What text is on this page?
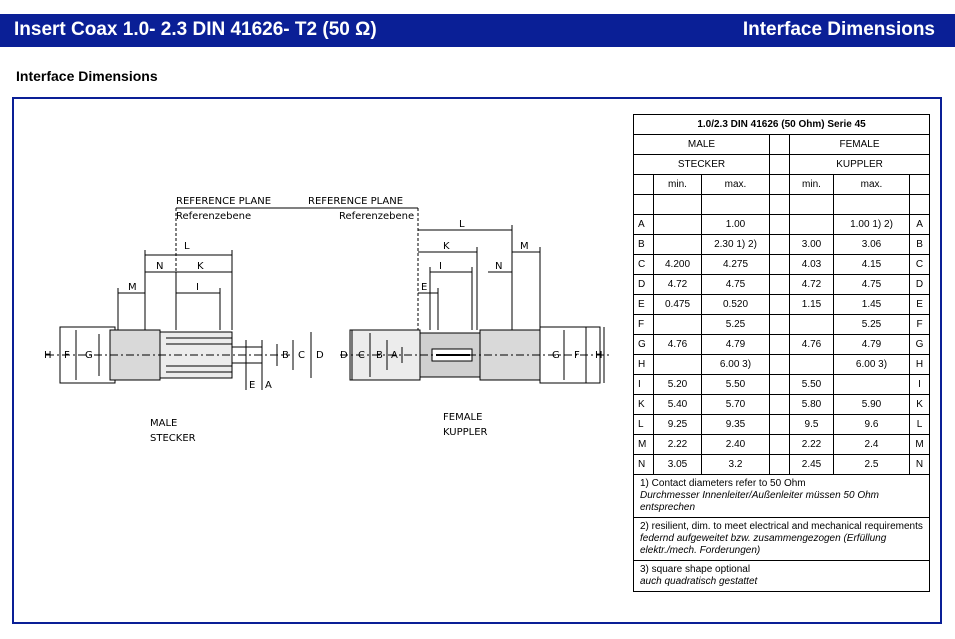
Insert Coax 1.0- 2.3 DIN 41626- T2 (50 Ω)	Interface Dimensions
Interface Dimensions
REFERENCE PLANE
Referenzebene
REFERENCE PLANE
Referenzebene
L
N	K
M	I
H F G	B C D
E A
L
K	M
I	N
E
D C B A	G F H
MALE
STECKER
FEMALE
KUPPLER
1.0/2.3 DIN 41626 (50 Ohm) Serie 45						
MALE				FEMALE		
STECKER				KUPPLER		
	min.	max.		min.	max.	

A		1.00			1.00 1) 2)	A
B		2.30 1) 2)		3.00	3.06	B
C	4.200	4.275		4.03	4.15	C
D	4.72	4.75		4.72	4.75	D
E	0.475	0.520		1.15	1.45	E
F		5.25			5.25	F
G	4.76	4.79		4.76	4.79	G
H		6.00 3)			6.00 3)	H
I	5.20	5.50		5.50		I
K	5.40	5.70		5.80	5.90	K
L	9.25	9.35		9.5	9.6	L
M	2.22	2.40		2.22	2.4	M
N	3.05	3.2		2.45	2.5	N
1) Contact diameters refer to 50 Ohm
Durchmesser Innenleiter/Außenleiter müssen 50 Ohm entsprechen						
2) resilient, dim. to meet electrical and mechanical requirements
federnd aufgeweitet bzw. zusammengezogen (Erfüllung elektr./mech. Forderungen)						
3) square shape optional
auch quadratisch gestattet						
